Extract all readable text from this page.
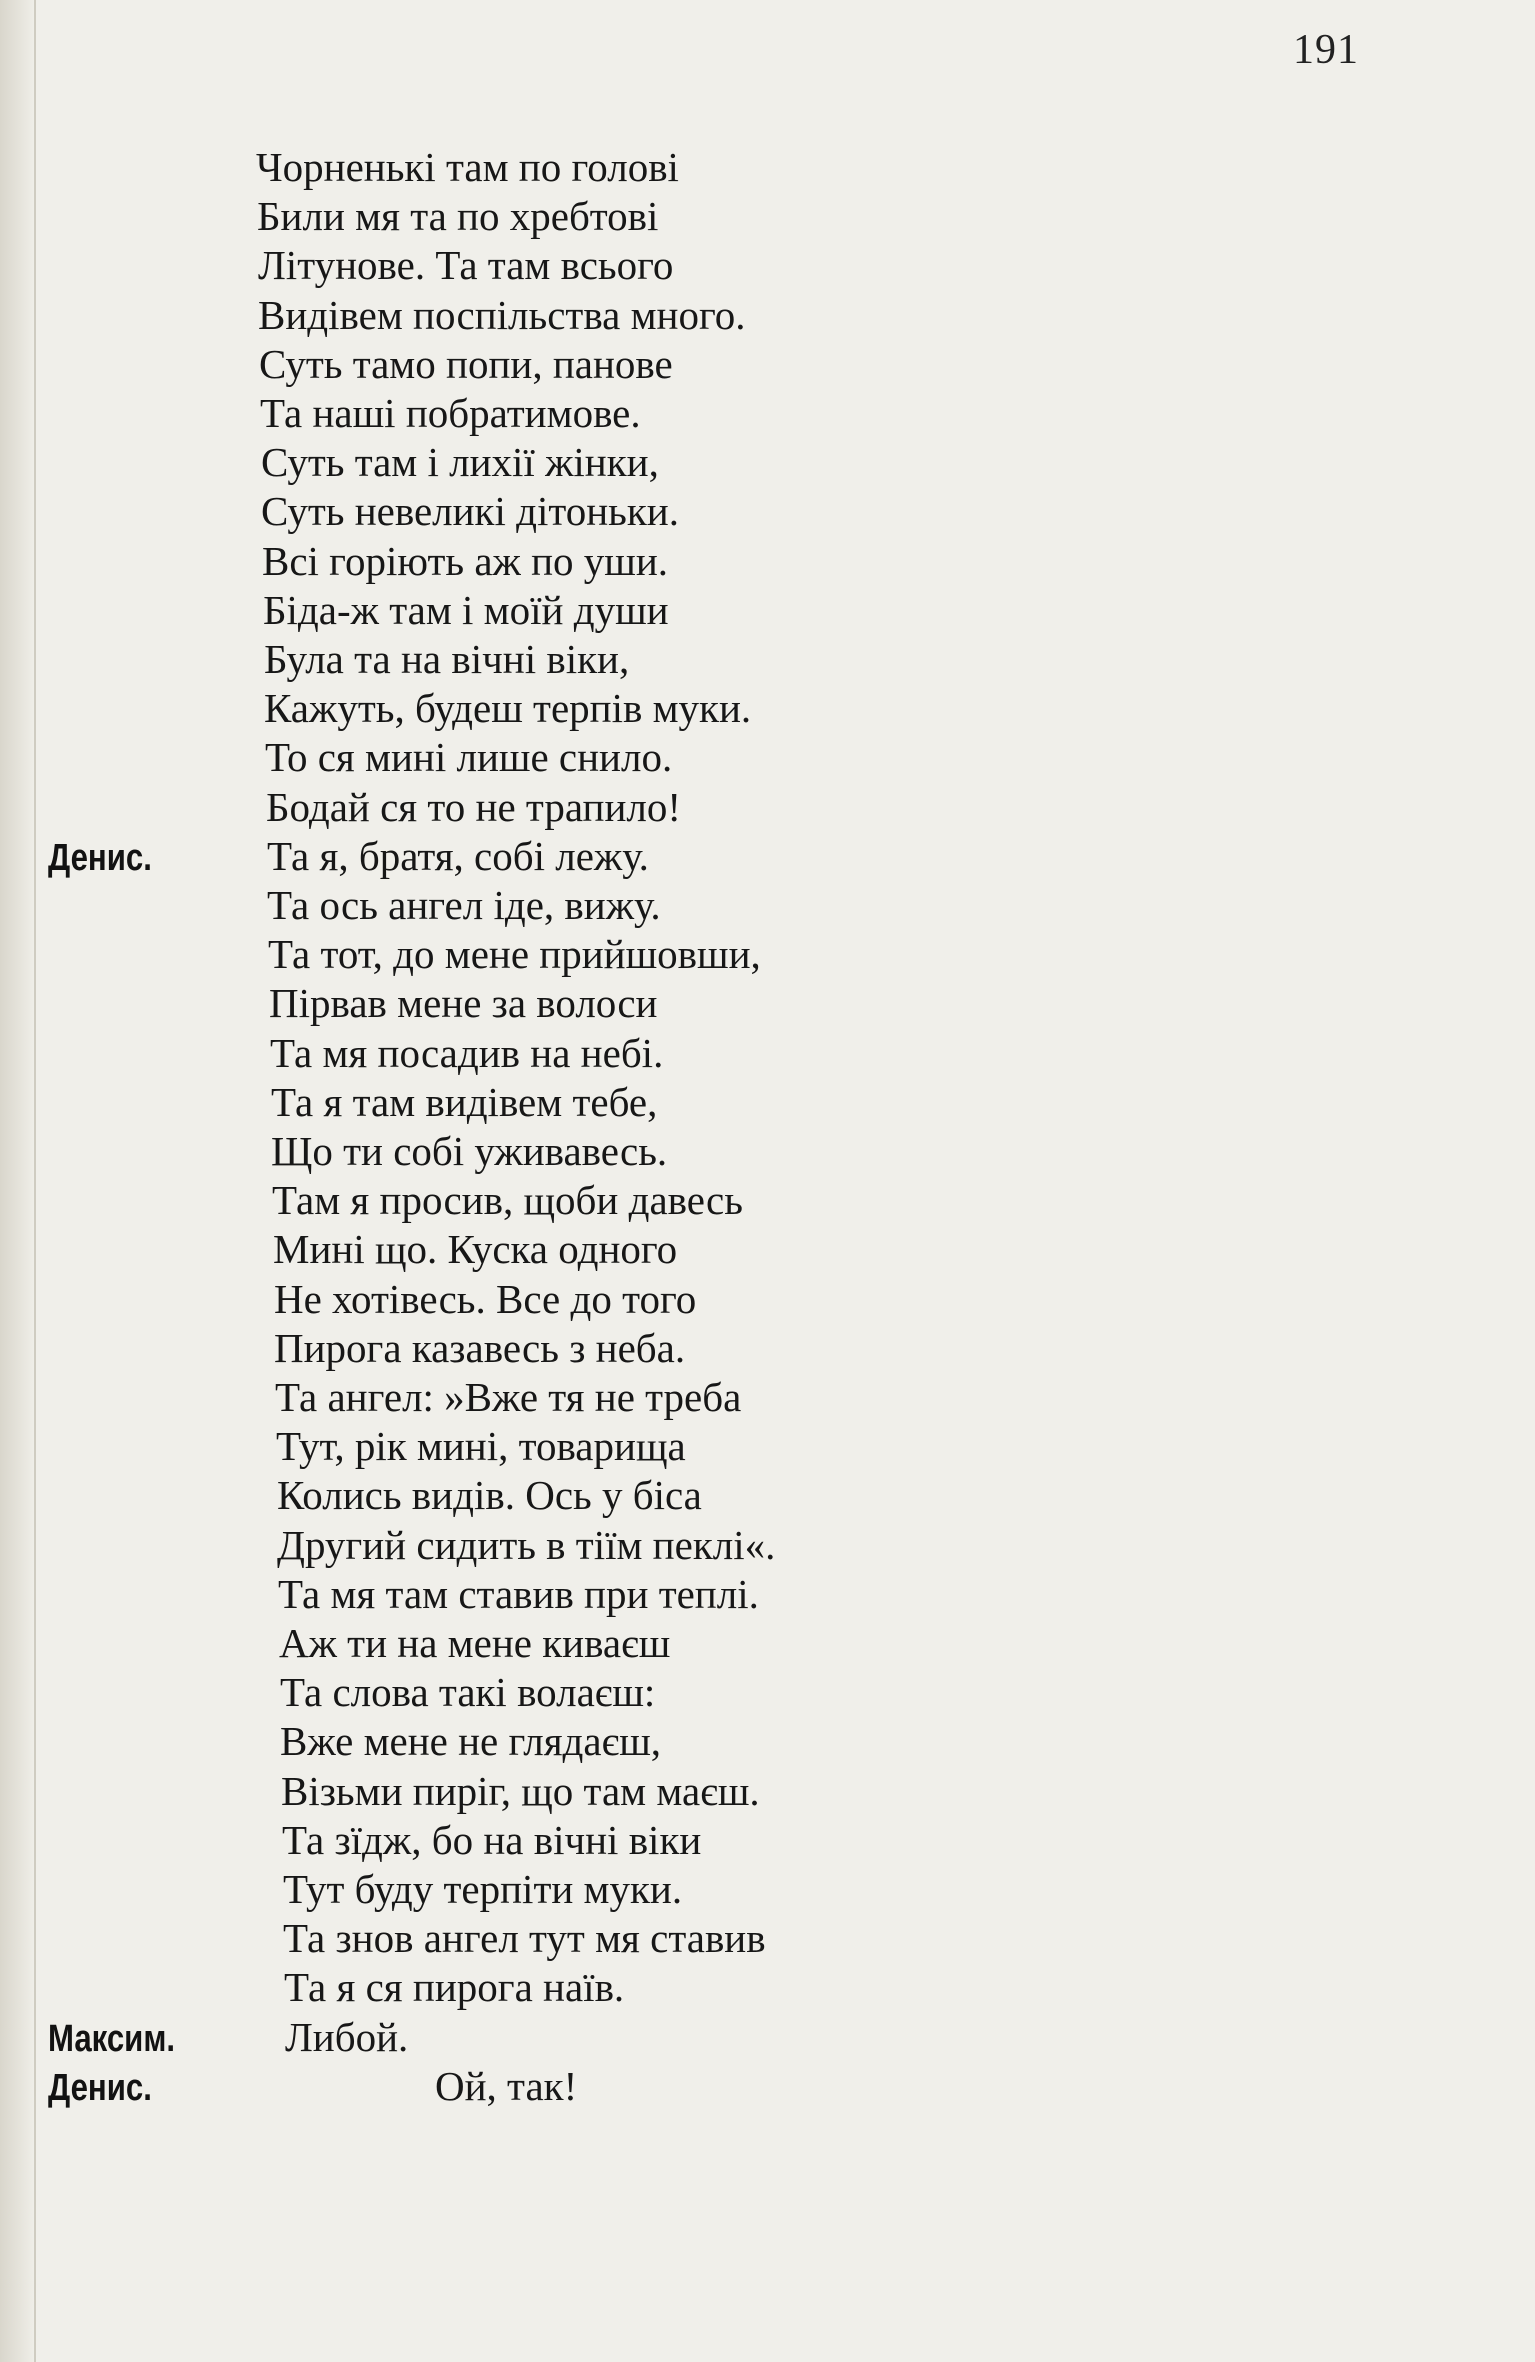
191
Чорненькі там по голові
Били мя та по хребтові
Літунове. Та там всього
Видівем поспільства много.
Суть тамо попи, панове
Та наші побратимове.
Суть там і лихії жінки,
Суть невеликі дітоньки.
Всі горіють аж по уши.
Біда-ж там і моїй души
Була та на вічні віки,
Кажуть, будеш терпів муки.
То ся мині лише снило.
Бодай ся то не трапило!
Денис.	Та я, братя, собі лежу.
Та ось ангел іде, вижу.
Та тот, до мене прийшовши,
Пірвав мене за волоси
Та мя посадив на небі.
Та я там видівем тебе,
Що ти собі уживавесь.
Там я просив, щоби давесь
Мині що. Куска одного
Не хотівесь. Все до того
Пирога казавесь з неба.
Та ангел: »Вже тя не треба
Тут, рік мині, товарища
Колись видів. Ось у біса
Другий сидить в тіїм пеклі«.
Та мя там ставив при теплі.
Аж ти на мене киваєш
Та слова такі волаєш:
Вже мене не глядаєш,
Візьми пиріг, що там маєш.
Та зїдж, бо на вічні віки
Тут буду терпіти муки.
Та знов ангел тут мя ставив
Та я ся пирога наїв.
Максим.	Либой.
Денис.	Ой, так!
